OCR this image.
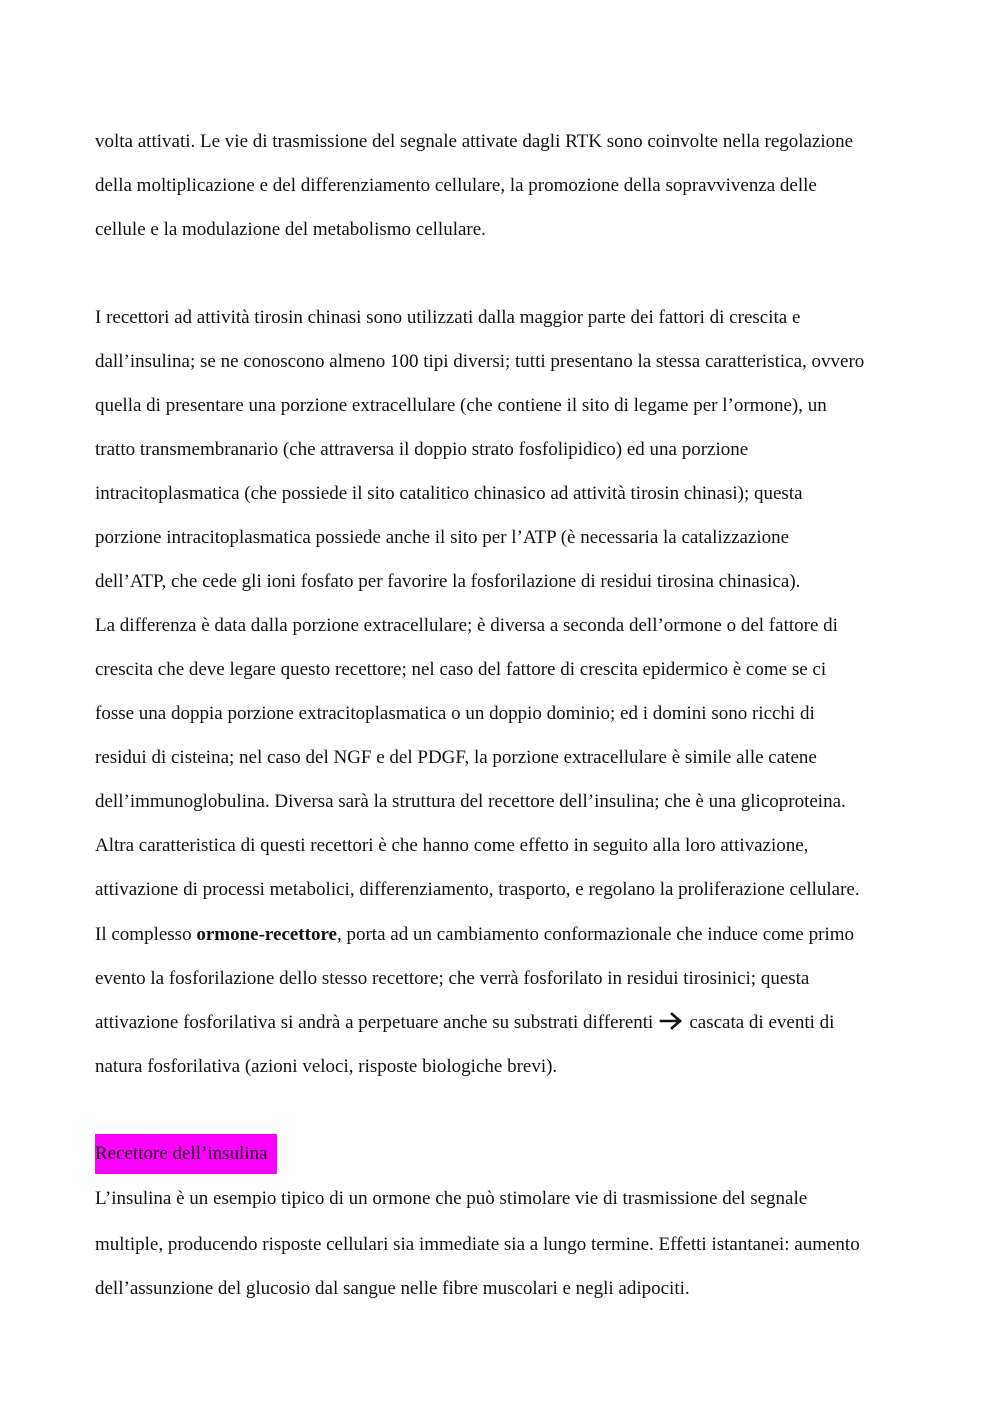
volta attivati. Le vie di trasmissione del segnale attivate dagli RTK sono coinvolte nella regolazione
della moltiplicazione e del differenziamento cellulare, la promozione della sopravvivenza delle
cellule e la modulazione del metabolismo cellulare.
I recettori ad attività tirosin chinasi sono utilizzati dalla maggior parte dei fattori di crescita e
dall’insulina; se ne conoscono almeno 100 tipi diversi; tutti presentano la stessa caratteristica, ovvero
quella di presentare una porzione extracellulare (che contiene il sito di legame per l’ormone), un
tratto transmembranario (che attraversa il doppio strato fosfolipidico) ed una porzione
intracitoplasmatica (che possiede il sito catalitico chinasico ad attività tirosin chinasi); questa
porzione intracitoplasmatica possiede anche il sito per l’ATP (è necessaria la catalizzazione
dell’ATP, che cede gli ioni fosfato per favorire la fosforilazione di residui tirosina chinasica).
La differenza è data dalla porzione extracellulare; è diversa a seconda dell’ormone o del fattore di
crescita che deve legare questo recettore; nel caso del fattore di crescita epidermico è come se ci
fosse una doppia porzione extracitoplasmatica o un doppio dominio; ed i domini sono ricchi di
residui di cisteina; nel caso del NGF e del PDGF, la porzione extracellulare è simile alle catene
dell’immunoglobulina. Diversa sarà la struttura del recettore dell’insulina; che è una glicoproteina.
Altra caratteristica di questi recettori è che hanno come effetto in seguito alla loro attivazione,
attivazione di processi metabolici, differenziamento, trasporto, e regolano la proliferazione cellulare.
Il complesso ormone-recettore, porta ad un cambiamento conformazionale che induce come primo
evento la fosforilazione dello stesso recettore; che verrà fosforilato in residui tirosinici; questa
attivazione fosforilativa si andrà a perpetuare anche su substrati differenti cascata di eventi di
natura fosforilativa (azioni veloci, risposte biologiche brevi).
Recettore dell’insulina
L’insulina è un esempio tipico di un ormone che può stimolare vie di trasmissione del segnale
multiple, producendo risposte cellulari sia immediate sia a lungo termine. Effetti istantanei: aumento
dell’assunzione del glucosio dal sangue nelle fibre muscolari e negli adipociti.
